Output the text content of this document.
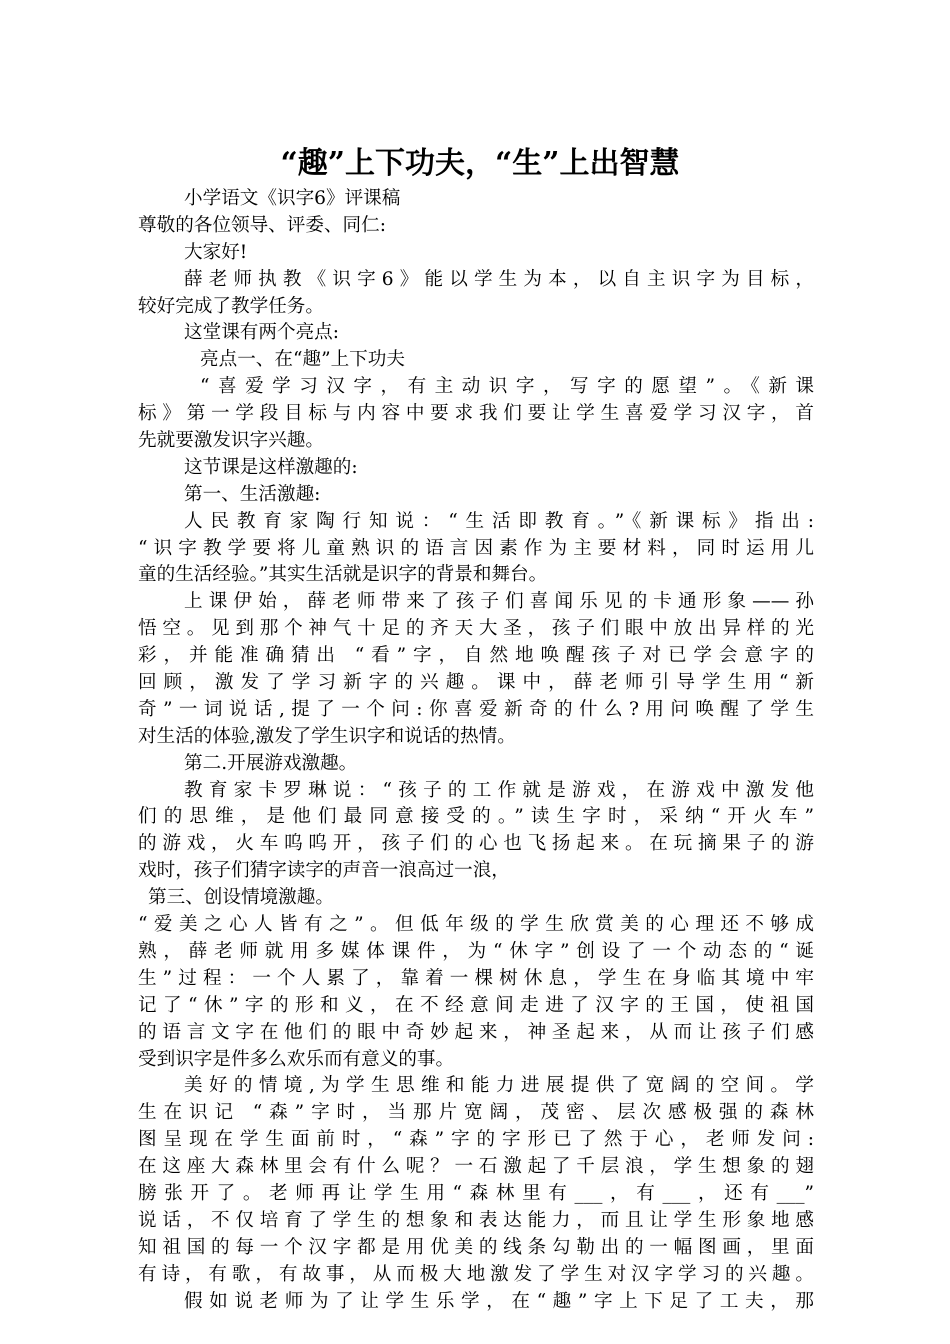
“趣”上下功夫，“生”上出智慧
小学语文《识字6》评课稿
尊敬的各位领导、评委、同仁:
大家好!
薛老师执教《识字6》能以学生为本，以自主识字为目标，
较好完成了教学任务。
这堂课有两个亮点:
亮点一、在“趣”上下功夫
“喜爱学习汉字，有主动识字，写字的愿望”。《新课
标》第一学段目标与内容中要求我们要让学生喜爱学习汉字，首
先就要激发识字兴趣。
这节课是这样激趣的:
第一、生活激趣:
人民教育家陶行知说：“生活即教育。”《新课标》指出:
“识字教学要将儿童熟识的语言因素作为主要材料，同时运用儿
童的生活经验。”其实生活就是识字的背景和舞台。
上课伊始，薛老师带来了孩子们喜闻乐见的卡通形象——孙
悟空。见到那个神气十足的齐天大圣，孩子们眼中放出异样的光
彩，并能准确猜出 “看”字，自然地唤醒孩子对已学会意字的
回顾，激发了学习新字的兴趣。课中，薛老师引导学生用“新
奇”一词说话,提了一个问:你喜爱新奇的什么?用问唤醒了学生
对生活的体验,激发了学生识字和说话的热情。
第二.开展游戏激趣。
教育家卡罗琳说：“孩子的工作就是游戏，在游戏中激发他
们的思维，是他们最同意接受的。”读生字时，采纳“开火车”
的游戏，火车呜呜开，孩子们的心也飞扬起来。在玩摘果子的游
戏时，孩子们猜字读字的声音一浪高过一浪，
第三、创设情境激趣。
“爱美之心人皆有之”。但低年级的学生欣赏美的心理还不够成
熟，薛老师就用多媒体课件，为“休字”创设了一个动态的“诞
生”过程：一个人累了，靠着一棵树休息，学生在身临其境中牢
记了“休”字的形和义，在不经意间走进了汉字的王国，使祖国
的语言文字在他们的眼中奇妙起来，神圣起来，从而让孩子们感
受到识字是件多么欢乐而有意义的事。
美好的情境,为学生思维和能力进展提供了宽阔的空间。学
生在识记 “森”字时，当那片宽阔，茂密、层次感极强的森林
图呈现在学生面前时，“森”字的字形已了然于心，老师发问:
在这座大森林里会有什么呢？一石激起了千层浪，学生想象的翅
膀张开了。老师再让学生用“森林里有___，有___，还有___”
说话，不仅培育了学生的想象和表达能力，而且让学生形象地感
知祖国的每一个汉字都是用优美的线条勾勒出的一幅图画，里面
有诗，有歌，有故事，从而极大地激发了学生对汉字学习的兴趣。
假如说老师为了让学生乐学，在“趣”字上下足了工夫，那
